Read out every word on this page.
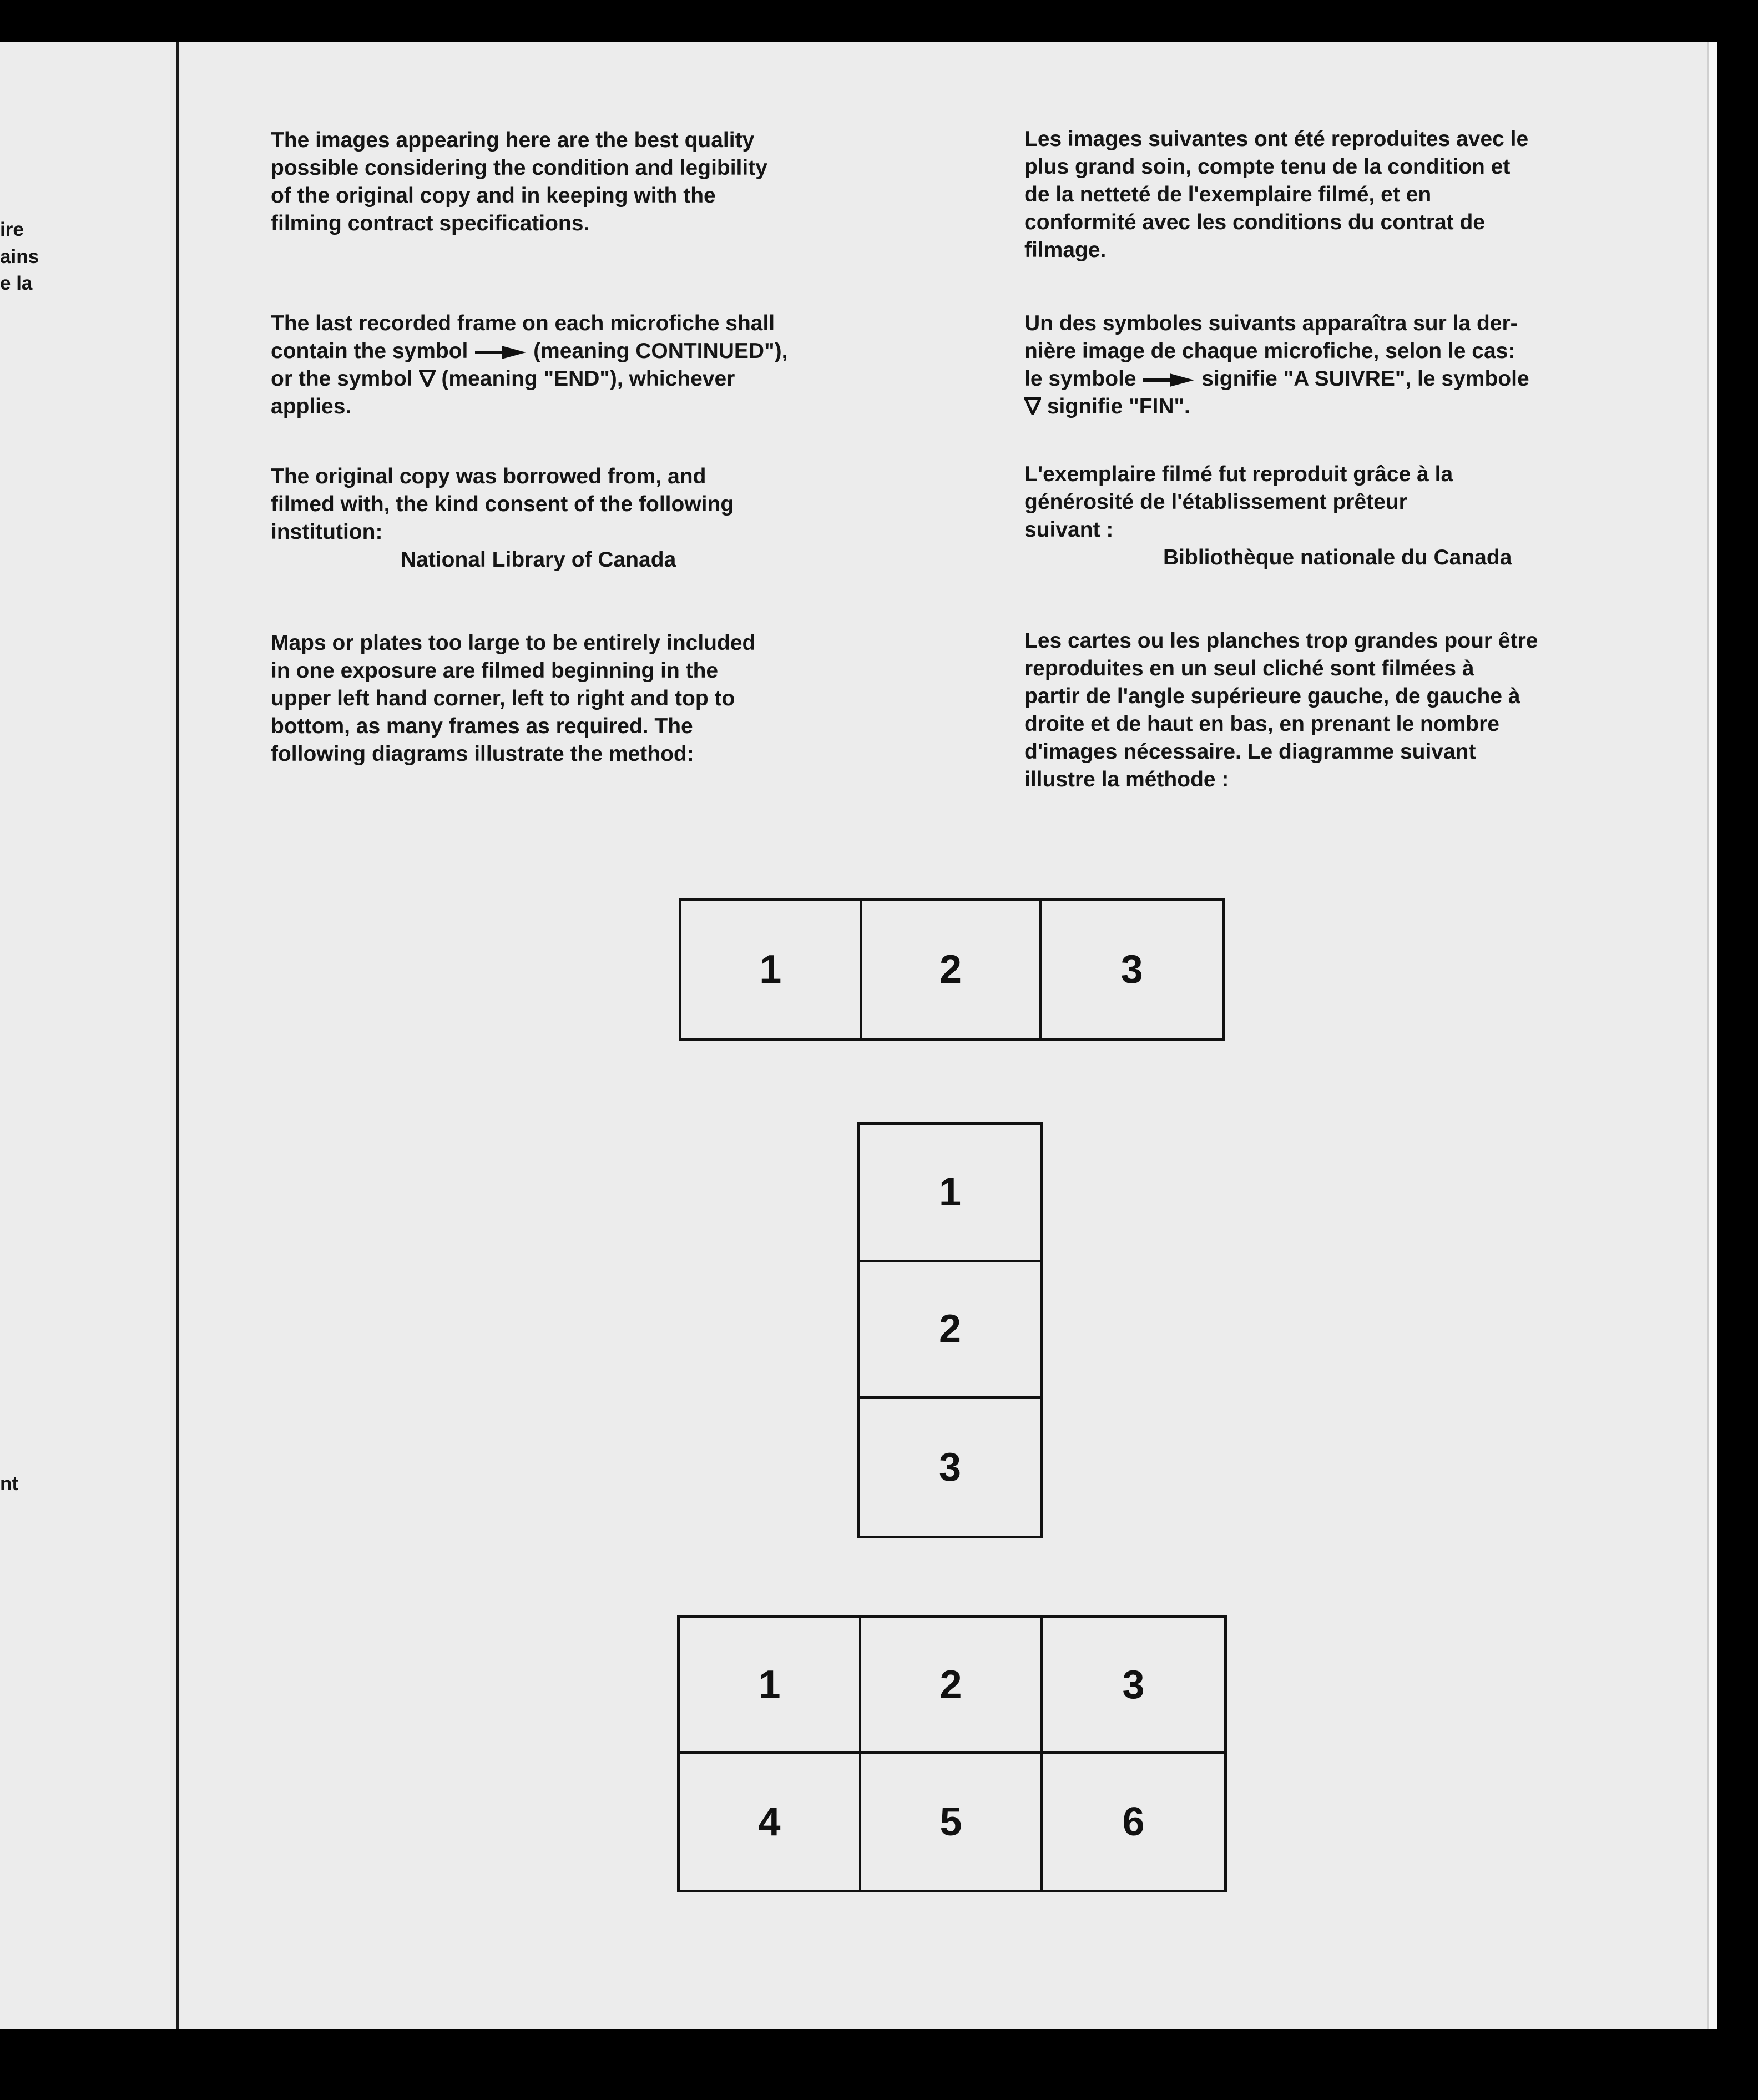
ire
ains
e la
nt
The images appearing here are the best quality
possible considering the condition and legibility
of the original copy and in keeping with the
filming contract specifications.
The last recorded frame on each microfiche shall
contain the symbol	(meaning CONTINUED"),
or the symbol (meaning "END"), whichever
applies.
The original copy was borrowed from, and
filmed with, the kind consent of the following
institution:
National Library of Canada
Maps or plates too large to be entirely included
in one exposure are filmed beginning in the
upper left hand corner, left to right and top to
bottom, as many frames as required. The
following diagrams illustrate the method:
Les images suivantes ont été reproduites avec le
plus grand soin, compte tenu de la condition et
de la netteté de l'exemplaire filmé, et en
conformité avec les conditions du contrat de
filmage.
Un des symboles suivants apparaîtra sur la der-
nière image de chaque microfiche, selon le cas:
le symbole	signifie "A SUIVRE", le symbole
signifie "FIN".
L'exemplaire filmé fut reproduit grâce à la
générosité de l'établissement prêteur
suivant :
Bibliothèque nationale du Canada
Les cartes ou les planches trop grandes pour être
reproduites en un seul cliché sont filmées à
partir de l'angle supérieure gauche, de gauche à
droite et de haut en bas, en prenant le nombre
d'images nécessaire. Le diagramme suivant
illustre la méthode :
1	2	3
1
2
3
1	2	3
4	5	6
